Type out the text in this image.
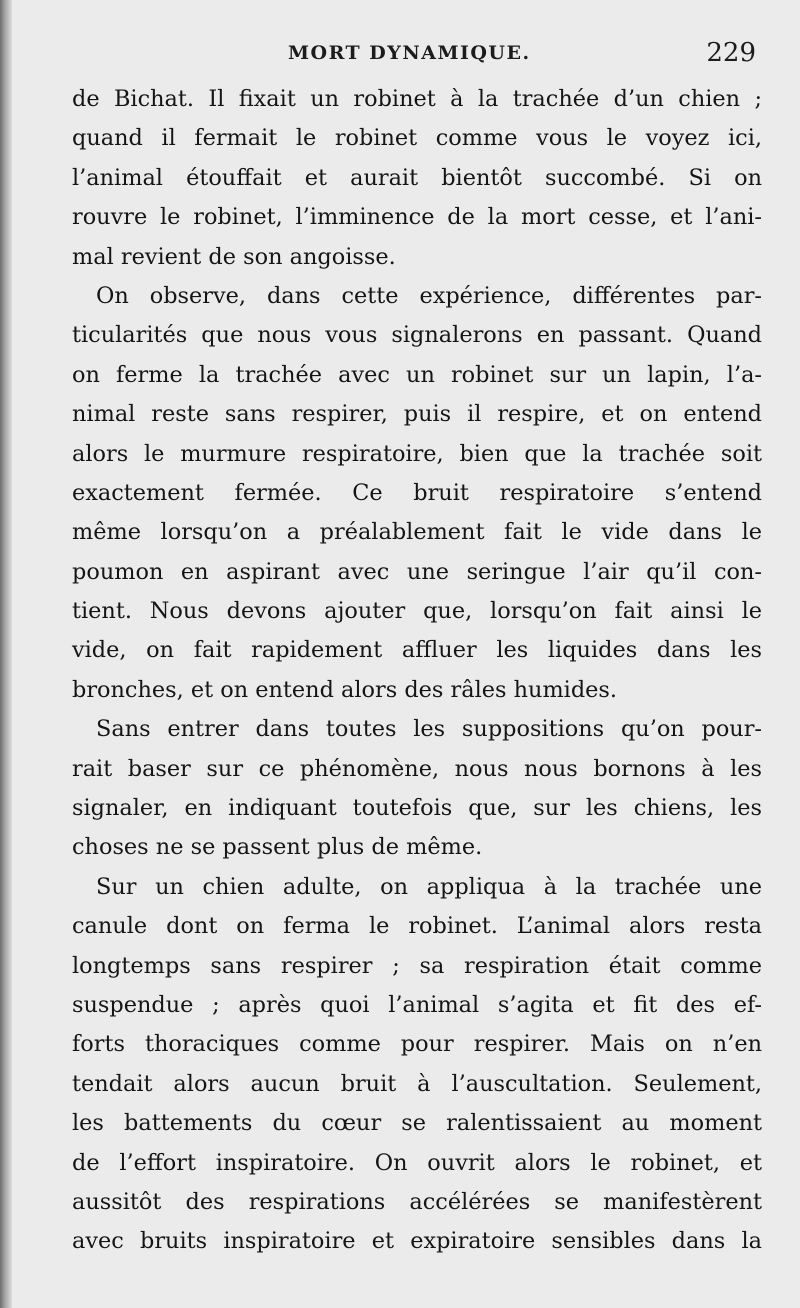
MORT DYNAMIQUE.	229
de Bichat. Il fixait un robinet à la trachée d’un chien ;
quand il fermait le robinet comme vous le voyez ici,
l’animal étouffait et aurait bientôt succombé. Si on
rouvre le robinet, l’imminence de la mort cesse, et l’ani-
mal revient de son angoisse.
On observe, dans cette expérience, différentes par-
ticularités que nous vous signalerons en passant. Quand
on ferme la trachée avec un robinet sur un lapin, l’a-
nimal reste sans respirer, puis il respire, et on entend
alors le murmure respiratoire, bien que la trachée soit
exactement fermée. Ce bruit respiratoire s’entend
même lorsqu’on a préalablement fait le vide dans le
poumon en aspirant avec une seringue l’air qu’il con-
tient. Nous devons ajouter que, lorsqu’on fait ainsi le
vide, on fait rapidement affluer les liquides dans les
bronches, et on entend alors des râles humides.
Sans entrer dans toutes les suppositions qu’on pour-
rait baser sur ce phénomène, nous nous bornons à les
signaler, en indiquant toutefois que, sur les chiens, les
choses ne se passent plus de même.
Sur un chien adulte, on appliqua à la trachée une
canule dont on ferma le robinet. L’animal alors resta
longtemps sans respirer ; sa respiration était comme
suspendue ; après quoi l’animal s’agita et fit des ef-
forts thoraciques comme pour respirer. Mais on n’en
tendait alors aucun bruit à l’auscultation. Seulement,
les battements du cœur se ralentissaient au moment
de l’effort inspiratoire. On ouvrit alors le robinet, et
aussitôt des respirations accélérées se manifestèrent
avec bruits inspiratoire et expiratoire sensibles dans la
